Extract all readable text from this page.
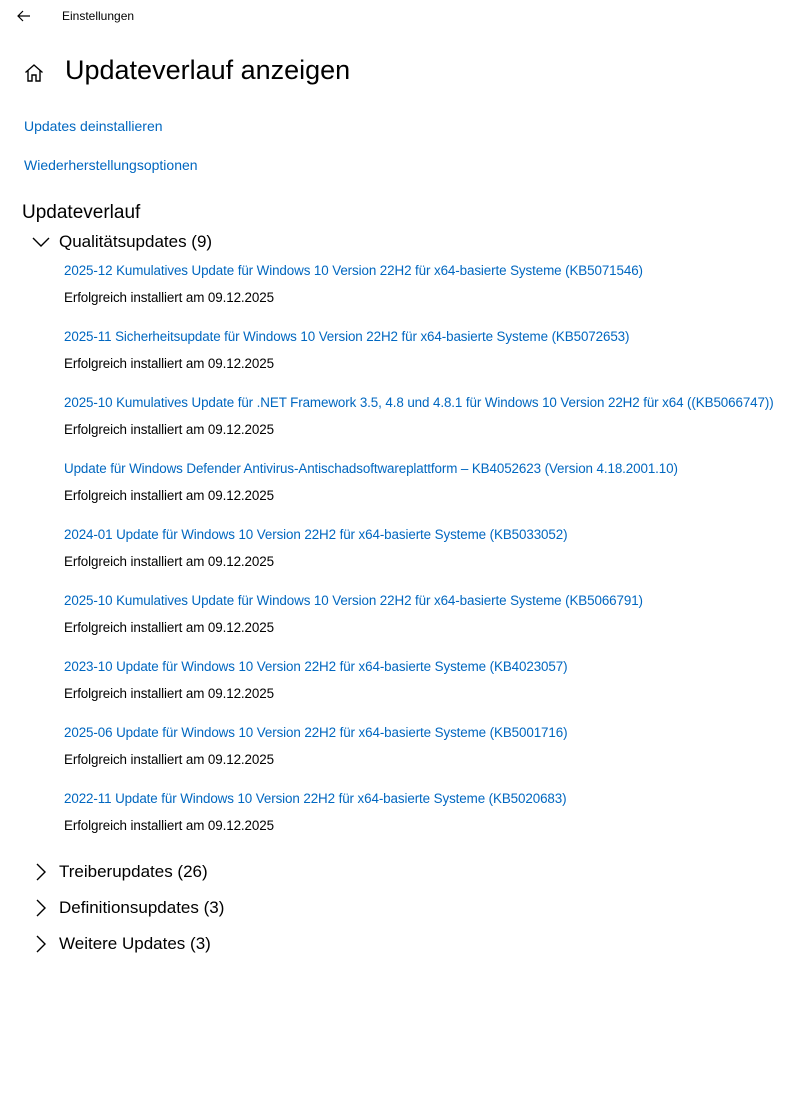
Einstellungen
Updateverlauf anzeigen
Updates deinstallieren
Wiederherstellungsoptionen
Updateverlauf
Qualitätsupdates (9)
2025-12 Kumulatives Update für Windows 10 Version 22H2 für x64-basierte Systeme (KB5071546)
Erfolgreich installiert am 09.12.2025
2025-11 Sicherheitsupdate für Windows 10 Version 22H2 für x64-basierte Systeme (KB5072653)
Erfolgreich installiert am 09.12.2025
2025-10 Kumulatives Update für .NET Framework 3.5, 4.8 und 4.8.1 für Windows 10 Version 22H2 für x64 ((KB5066747))
Erfolgreich installiert am 09.12.2025
Update für Windows Defender Antivirus-Antischadsoftwareplattform – KB4052623 (Version 4.18.2001.10)
Erfolgreich installiert am 09.12.2025
2024-01 Update für Windows 10 Version 22H2 für x64-basierte Systeme (KB5033052)
Erfolgreich installiert am 09.12.2025
2025-10 Kumulatives Update für Windows 10 Version 22H2 für x64-basierte Systeme (KB5066791)
Erfolgreich installiert am 09.12.2025
2023-10 Update für Windows 10 Version 22H2 für x64-basierte Systeme (KB4023057)
Erfolgreich installiert am 09.12.2025
2025-06 Update für Windows 10 Version 22H2 für x64-basierte Systeme (KB5001716)
Erfolgreich installiert am 09.12.2025
2022-11 Update für Windows 10 Version 22H2 für x64-basierte Systeme (KB5020683)
Erfolgreich installiert am 09.12.2025
Treiberupdates (26)
Definitionsupdates (3)
Weitere Updates (3)
